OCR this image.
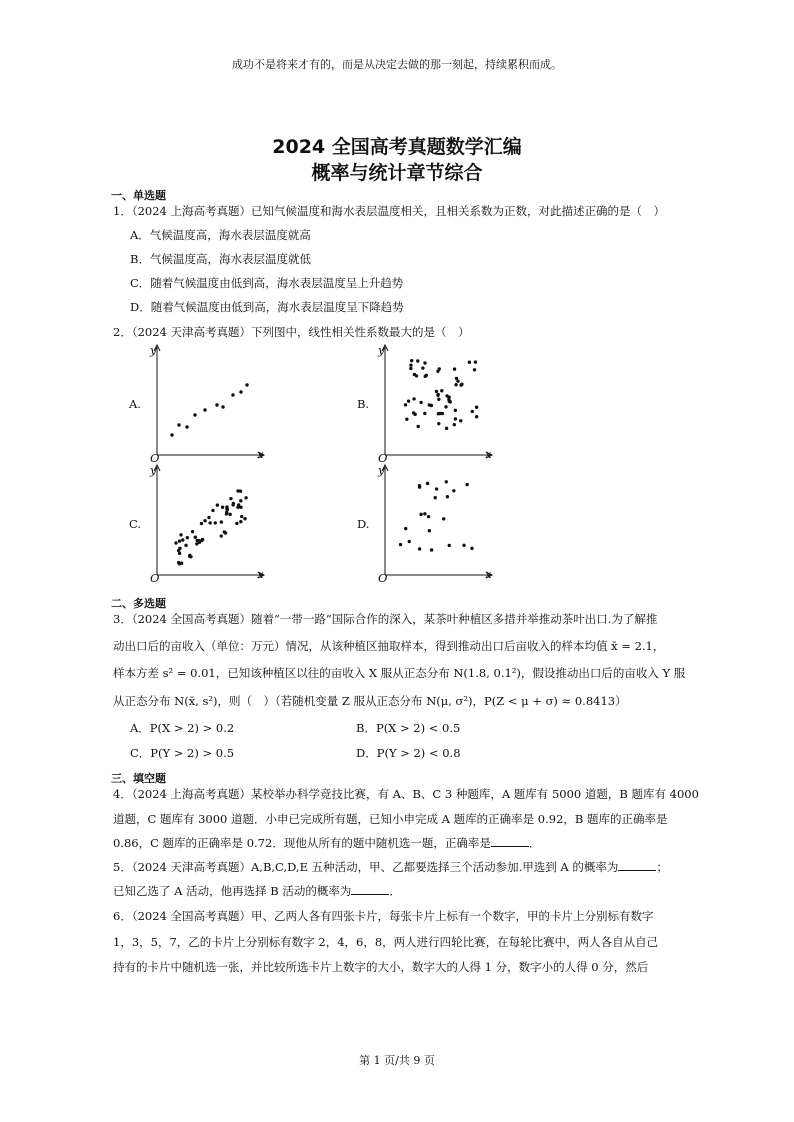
成功不是将来才有的，而是从决定去做的那一刻起，持续累积而成。
2024 全国高考真题数学汇编
概率与统计章节综合
一、单选题
1．（2024 上海高考真题）已知气候温度和海水表层温度相关，且相关系数为正数，对此描述正确的是（　）
A．气候温度高，海水表层温度就高
B．气候温度高，海水表层温度就低
C．随着气候温度由低到高，海水表层温度呈上升趋势
D．随着气候温度由低到高，海水表层温度呈下降趋势
2．（2024 天津高考真题）下列图中，线性相关性系数最大的是（　）
A.
y
x
O
B.
y
x
O
C.
y
x
O
D.
y
x
O
二、多选题
3．（2024 全国高考真题）随着“一带一路”国际合作的深入，某茶叶种植区多措并举推动茶叶出口.为了解推
动出口后的亩收入（单位：万元）情况，从该种植区抽取样本，得到推动出口后亩收入的样本均值 x̄ = 2.1，
样本方差 s² = 0.01，已知该种植区以往的亩收入 X 服从正态分布 N(1.8, 0.1²)，假设推动出口后的亩收入 Y 服
从正态分布 N(x̄, s²)，则（　）（若随机变量 Z 服从正态分布 N(μ, σ²)，P(Z < μ + σ) ≈ 0.8413）
A．P(X > 2) > 0.2	B．P(X > 2) < 0.5
C．P(Y > 2) > 0.5	D．P(Y > 2) < 0.8
三、填空题
4．（2024 上海高考真题）某校举办科学竞技比赛，有 A、B、C 3 种题库，A 题库有 5000 道题，B 题库有 4000
道题，C 题库有 3000 道题．小申已完成所有题，已知小申完成 A 题库的正确率是 0.92，B 题库的正确率是
0.86，C 题库的正确率是 0.72．现他从所有的题中随机选一题，正确率是	．
5．（2024 天津高考真题）A,B,C,D,E 五种活动，甲、乙都要选择三个活动参加.甲选到 A 的概率为	；
已知乙选了 A 活动，他再选择 B 活动的概率为	．
6．（2024 全国高考真题）甲、乙两人各有四张卡片，每张卡片上标有一个数字，甲的卡片上分别标有数字
1，3，5，7，乙的卡片上分别标有数字 2，4，6，8，两人进行四轮比赛，在每轮比赛中，两人各自从自己
持有的卡片中随机选一张，并比较所选卡片上数字的大小，数字大的人得 1 分，数字小的人得 0 分，然后
第 1 页/共 9 页
